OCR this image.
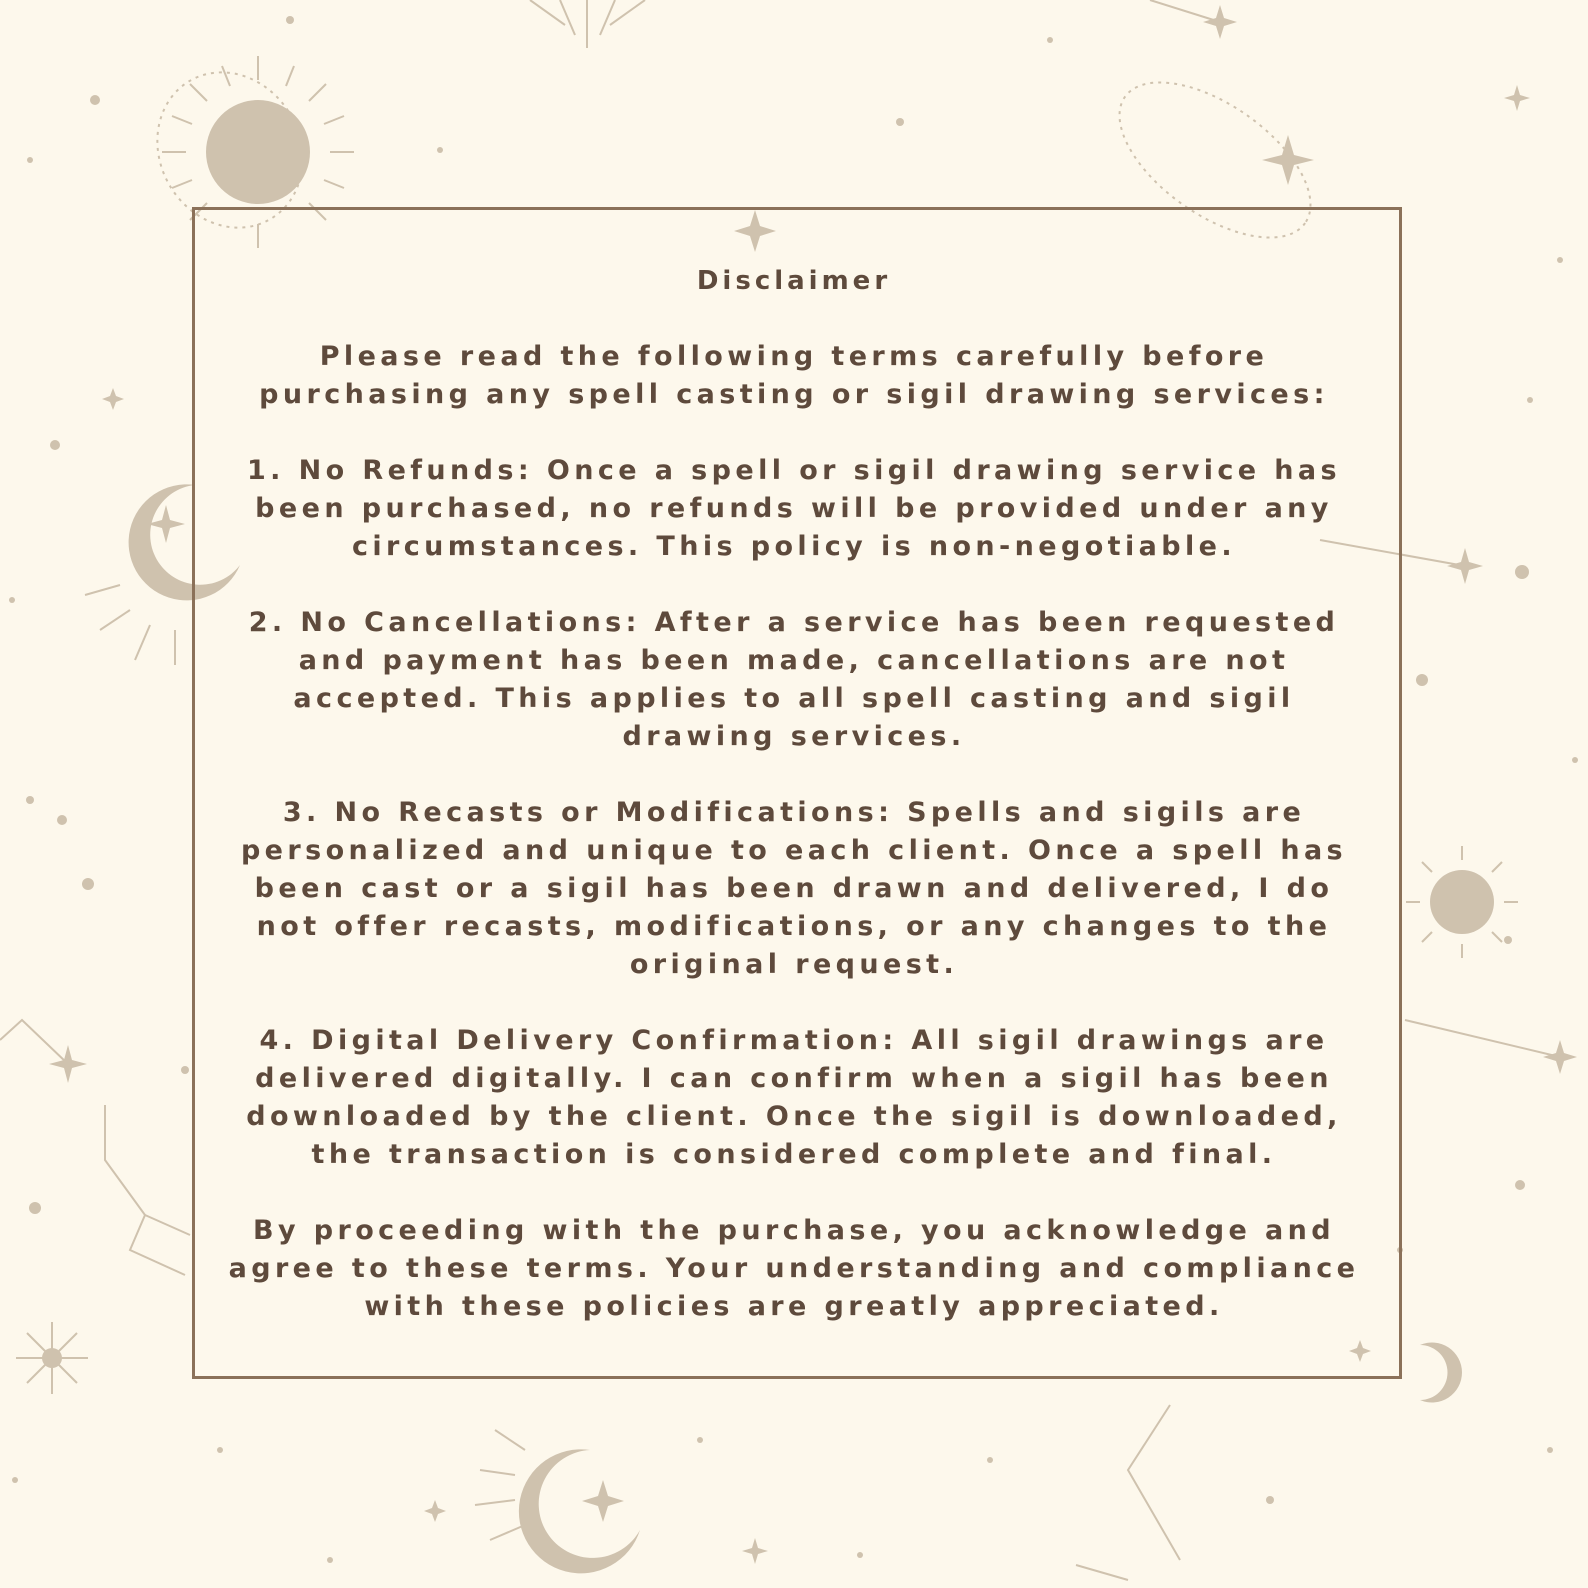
Disclaimer

Please read the following terms carefully before
purchasing any spell casting or sigil drawing services:

1. No Refunds: Once a spell or sigil drawing service has
been purchased, no refunds will be provided under any
circumstances. This policy is non-negotiable.

2. No Cancellations: After a service has been requested
and payment has been made, cancellations are not
accepted. This applies to all spell casting and sigil
drawing services.

3. No Recasts or Modifications: Spells and sigils are
personalized and unique to each client. Once a spell has
been cast or a sigil has been drawn and delivered, I do
not offer recasts, modifications, or any changes to the
original request.

4. Digital Delivery Confirmation: All sigil drawings are
delivered digitally. I can confirm when a sigil has been
downloaded by the client. Once the sigil is downloaded,
the transaction is considered complete and final.

By proceeding with the purchase, you acknowledge and
agree to these terms. Your understanding and compliance
with these policies are greatly appreciated.
